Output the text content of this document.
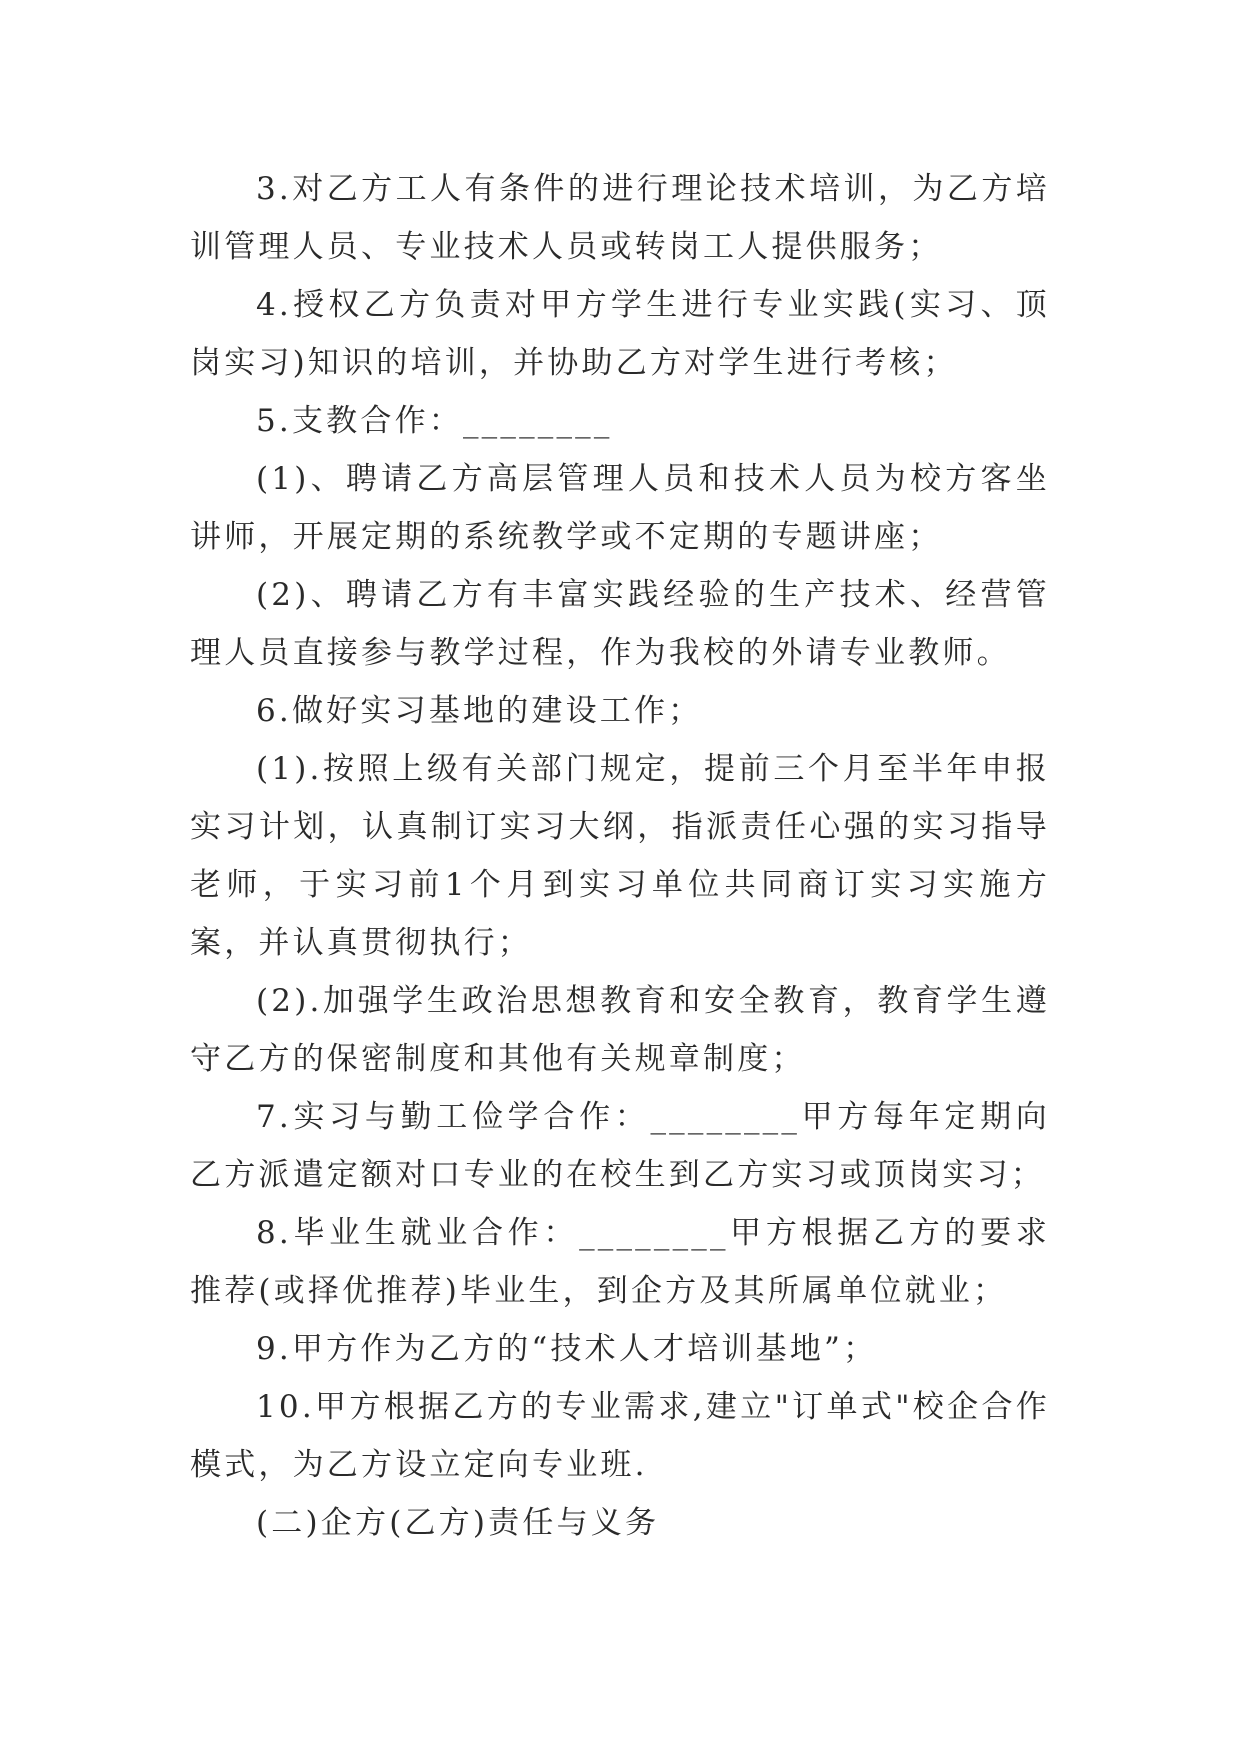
3.对乙方工人有条件的进行理论技术培训，为乙方培训管理人员、专业技术人员或转岗工人提供服务；

4.授权乙方负责对甲方学生进行专业实践(实习、顶岗实习)知识的培训，并协助乙方对学生进行考核；

5.支教合作：________

(1)、聘请乙方高层管理人员和技术人员为校方客坐讲师，开展定期的系统教学或不定期的专题讲座；

(2)、聘请乙方有丰富实践经验的生产技术、经营管理人员直接参与教学过程，作为我校的外请专业教师。

6.做好实习基地的建设工作；

(1).按照上级有关部门规定，提前三个月至半年申报实习计划，认真制订实习大纲，指派责任心强的实习指导老师，于实习前1个月到实习单位共同商订实习实施方案，并认真贯彻执行；

(2).加强学生政治思想教育和安全教育，教育学生遵守乙方的保密制度和其他有关规章制度；

7.实习与勤工俭学合作：________甲方每年定期向乙方派遣定额对口专业的在校生到乙方实习或顶岗实习；

8.毕业生就业合作：________甲方根据乙方的要求推荐(或择优推荐)毕业生，到企方及其所属单位就业；

9.甲方作为乙方的“技术人才培训基地”；

10.甲方根据乙方的专业需求,建立"订单式"校企合作模式，为乙方设立定向专业班.

(二)企方(乙方)责任与义务
